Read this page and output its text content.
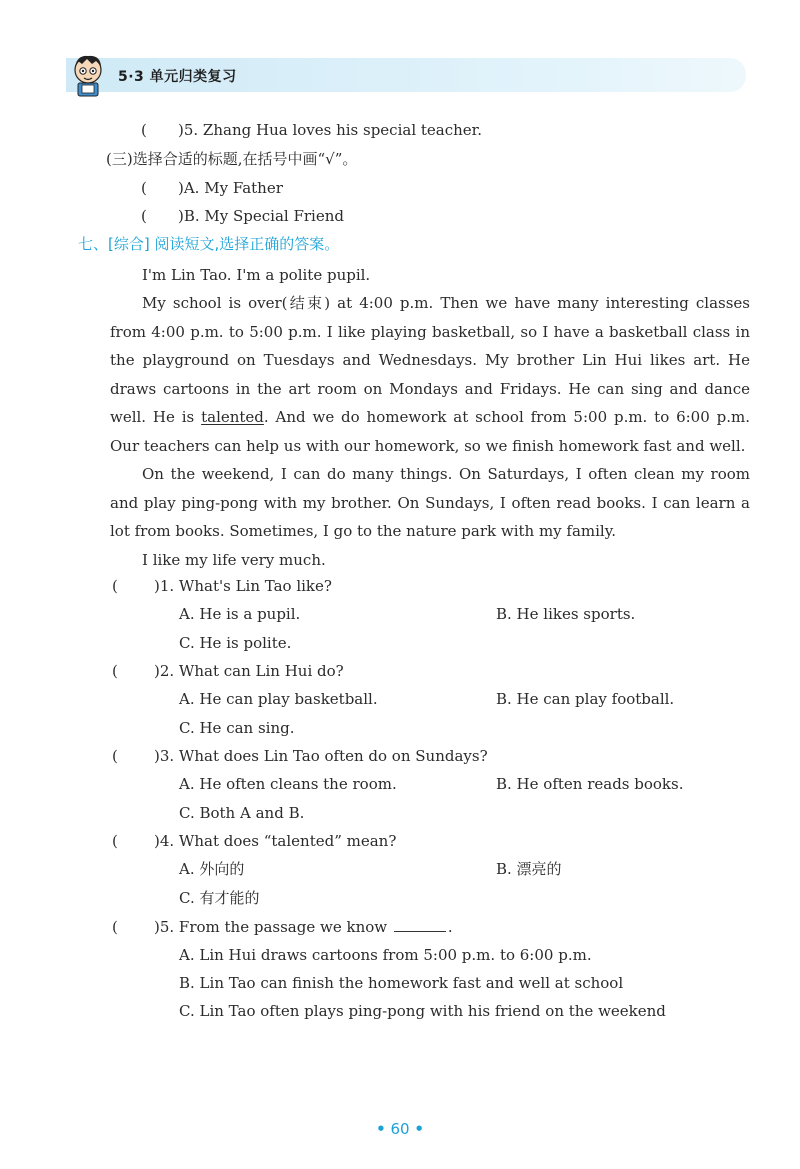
5·3 单元归类复习
( )5. Zhang Hua loves his special teacher.
(三)选择合适的标题,在括号中画“√”。
( )A. My Father
( )B. My Special Friend
七、[综合] 阅读短文,选择正确的答案。
I'm Lin Tao. I'm a polite pupil.
My school is over(结束) at 4:00 p.m. Then we have many interesting classes from 4:00 p.m. to 5:00 p.m. I like playing basketball, so I have a basketball class in the playground on Tuesdays and Wednesdays. My brother Lin Hui likes art. He draws cartoons in the art room on Mondays and Fridays. He can sing and dance well. He is talented. And we do homework at school from 5:00 p.m. to 6:00 p.m. Our teachers can help us with our homework, so we finish homework fast and well.
On the weekend, I can do many things. On Saturdays, I often clean my room and play ping-pong with my brother. On Sundays, I often read books. I can learn a lot from books. Sometimes, I go to the nature park with my family.
I like my life very much.
( )1. What's Lin Tao like?
A. He is a pupil.	B. He likes sports.
C. He is polite.
( )2. What can Lin Hui do?
A. He can play basketball.	B. He can play football.
C. He can sing.
( )3. What does Lin Tao often do on Sundays?
A. He often cleans the room.	B. He often reads books.
C. Both A and B.
( )4. What does “talented” mean?
A. 外向的	B. 漂亮的
C. 有才能的
( )5. From the passage we know	.
A. Lin Hui draws cartoons from 5:00 p.m. to 6:00 p.m.
B. Lin Tao can finish the homework fast and well at school
C. Lin Tao often plays ping-pong with his friend on the weekend
• 60 •
